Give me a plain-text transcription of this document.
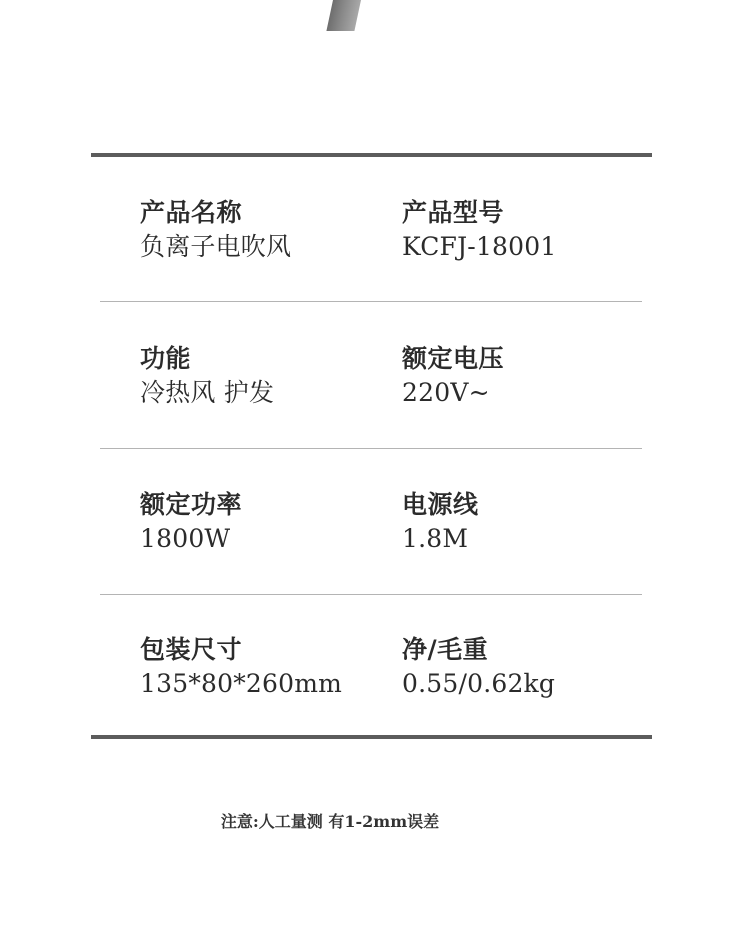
产品名称
负离子电吹风
产品型号
KCFJ-18001
功能
冷热风 护发
额定电压
220V~
额定功率
1800W
电源线
1.8M
包装尺寸
135*80*260mm
净/毛重
0.55/0.62kg
注意:人工量测 有1-2mm误差
